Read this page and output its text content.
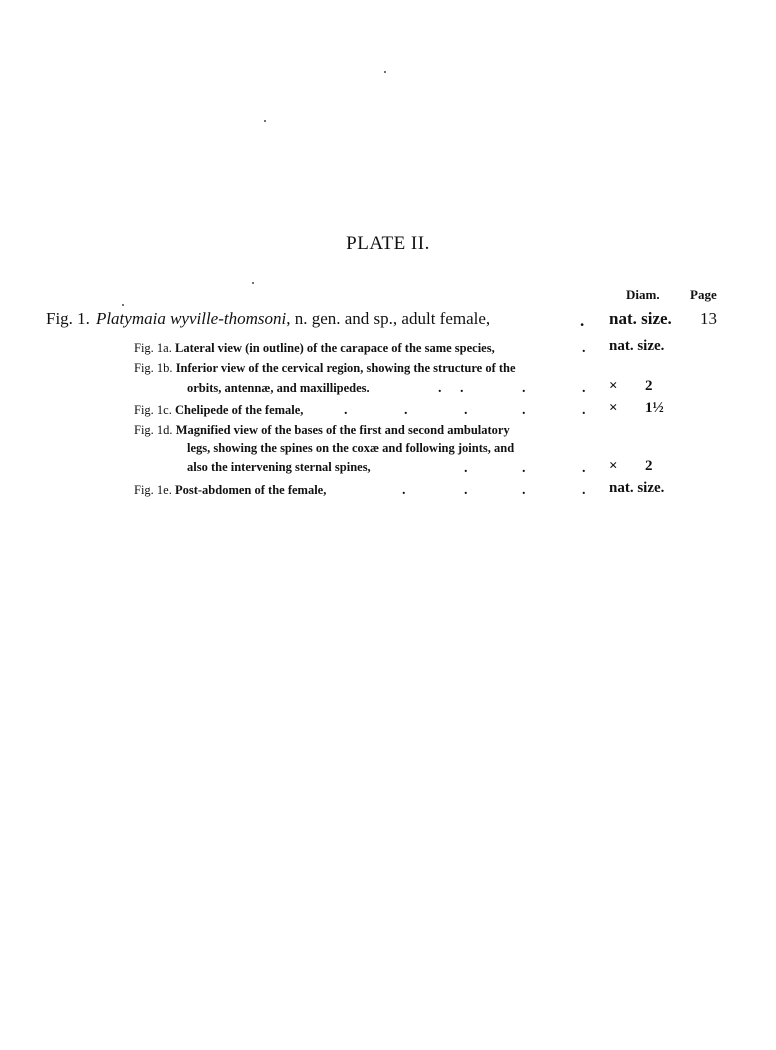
PLATE II.
Diam. Page
Fig. 1. Platymaia wyville-thomsoni, n. gen. and sp., adult female,	. nat. size. 13
Fig. 1a. Lateral view (in outline) of the carapace of the same species,	. nat. size.
Fig. 1b. Inferior view of the cervical region, showing the structure of the
orbits, antennæ, and maxillipedes.	. .	.	. × 2
Fig. 1c. Chelipede of the female,	.	.	.	.	. × 1½
Fig. 1d. Magnified view of the bases of the first and second ambulatory
legs, showing the spines on the coxæ and following joints, and
also the intervening sternal spines,	.	.	. × 2
Fig. 1e. Post-abdomen of the female,	.	.	.	. nat. size.
